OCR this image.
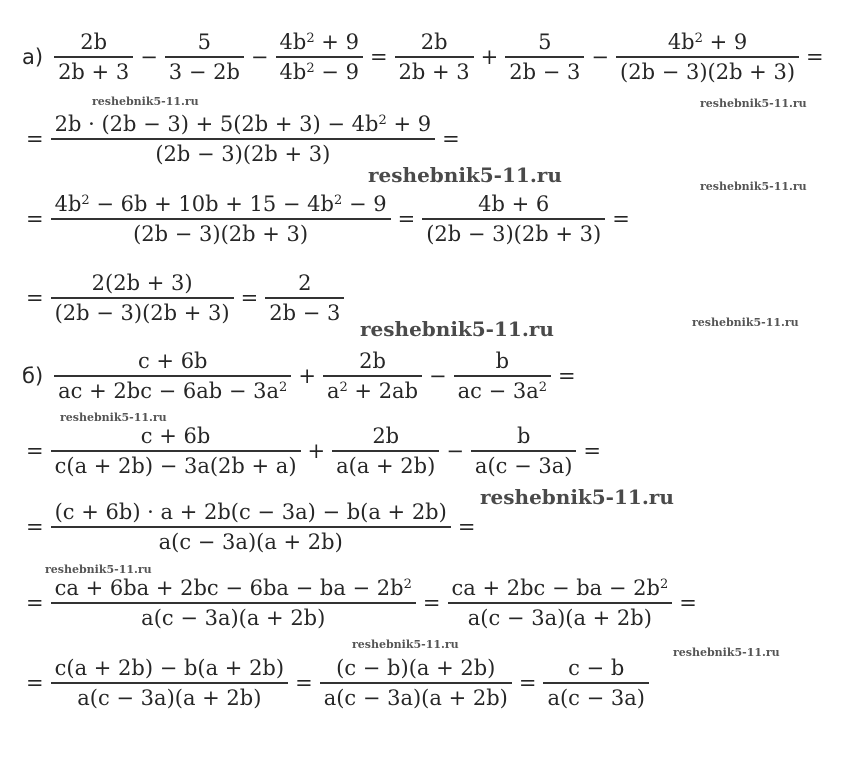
$а) \frac{2b}{2b + 3} - \frac{5}{3 - 2b} - \frac{4b^2 + 9}{4b^2 - 9} = \frac{2b}{2b + 3} + \frac{5}{2b - 3} - \frac{4b^2 + 9}{(2b - 3)(2b + 3)}$ =
= $\frac{2b \cdot (2b - 3) + 5(2b + 3) - 4b^2 + 9}{(2b - 3)(2b + 3)}$ =
= $\frac{4b^2 - 6b + 10b + 15 - 4b^2 - 9}{(2b - 3)(2b + 3)} = \frac{4b + 6}{(2b - 3)(2b + 3)}$ =
= $\frac{2(2b + 3)}{(2b - 3)(2b + 3)} = \frac{2}{2b - 3}$
$б) \frac{c + 6b}{ac + 2bc - 6ab - 3a^2} + \frac{2b}{a^2 + 2ab} - \frac{b}{ac - 3a^2}$ =
= $\frac{c + 6b}{c(a + 2b) - 3a(2b + a)} + \frac{2b}{a(a + 2b)} - \frac{b}{a(c - 3a)}$ =
= $\frac{(c + 6b) \cdot a + 2b(c - 3a) - b(a + 2b)}{a(c - 3a)(a + 2b)}$ =
= $\frac{ca + 6ba + 2bc - 6ba - ba - 2b^2}{a(c - 3a)(a + 2b)} = \frac{ca + 2bc - ba - 2b^2}{a(c - 3a)(a + 2b)}$ =
= $\frac{c(a + 2b) - b(a + 2b)}{a(c - 3a)(a + 2b)} = \frac{(c - b)(a + 2b)}{a(c - 3a)(a + 2b)} = \frac{c - b}{a(c - 3a)}$
reshebnik5-11.ru	reshebnik5-11.ru
reshebnik5-11.ru	reshebnik5-11.ru
reshebnik5-11.ru	reshebnik5-11.ru
reshebnik5-11.ru
reshebnik5-11.ru
reshebnik5-11.ru
reshebnik5-11.ru
reshebnik5-11.ru
